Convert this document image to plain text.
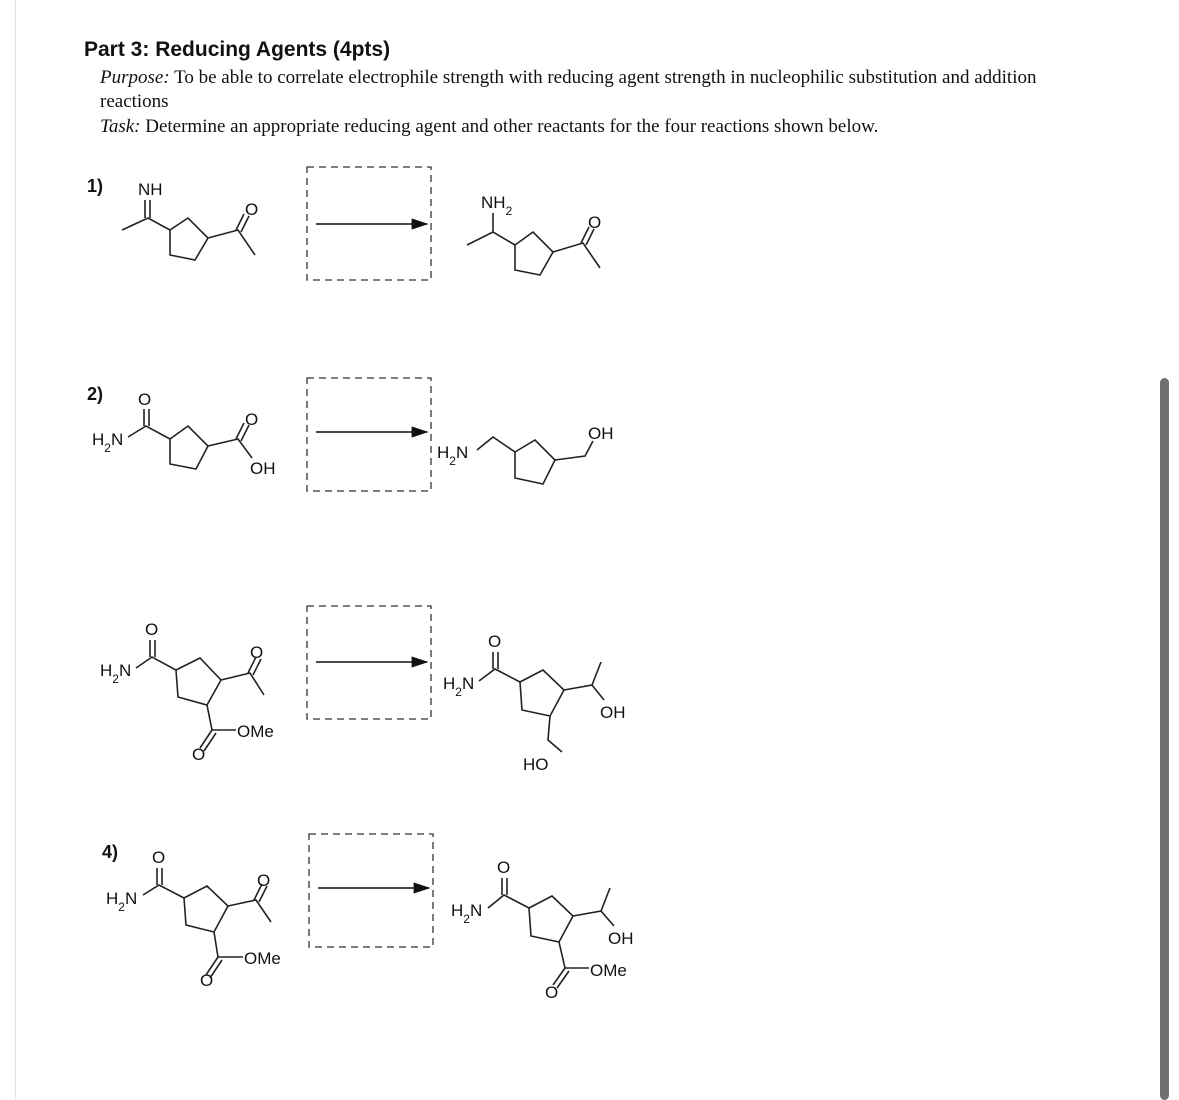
Part 3: Reducing Agents (4pts)

Purpose: To be able to correlate electrophile strength with reducing agent strength in nucleophilic substitution and addition reactions

Task: Determine an appropriate reducing agent and other reactants for the four reactions shown below.

1) NH
O	$NH_2$
O
2) O
$H_2N$
O
OH
$H_2N$
OH
O
$H_2N$
O
OMe
O
O
$H_2N$
OH
HO
4) O
$H_2N$
O
OMe
O
O
$H_2N$
OH
OMe
O
